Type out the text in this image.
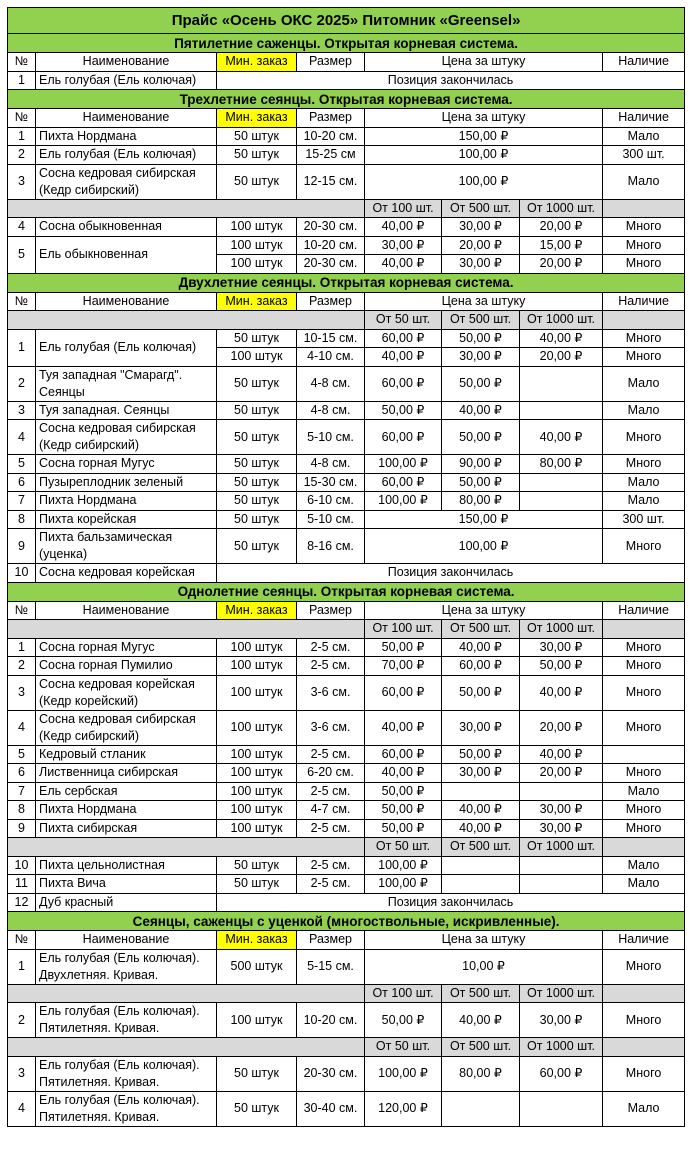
Прайс «Осень ОКС 2025» Питомник «Greensel»							
Пятилетние саженцы. Открытая корневая система.							
№	Наименование	Мин. заказ	Размер	Цена за штуку			Наличие
1	Ель голубая (Ель колючая)	Позиция закончилась					
Трехлетние сеянцы. Открытая корневая система.							
№	Наименование	Мин. заказ	Размер	Цена за штуку			Наличие
1	Пихта Нордмана	50 штук	10-20 см.	150,00 ₽			Мало
2	Ель голубая (Ель колючая)	50 штук	15-25 см	100,00 ₽			300 шт.
3	Сосна кедровая сибирская (Кедр сибирский)	50 штук	12-15 см.	100,00 ₽			Мало
				От 100 шт.	От 500 шт.	От 1000 шт.	
4	Сосна обыкновенная	100 штук	20-30 см.	40,00 ₽	30,00 ₽	20,00 ₽	Много
5	Ель обыкновенная	100 штук	10-20 см.	30,00 ₽	20,00 ₽	15,00 ₽	Много
		100 штук	20-30 см.	40,00 ₽	30,00 ₽	20,00 ₽	Много
Двухлетние сеянцы. Открытая корневая система.							
№	Наименование	Мин. заказ	Размер	Цена за штуку			Наличие
				От 50 шт.	От 500 шт.	От 1000 шт.	
1	Ель голубая (Ель колючая)	50 штук	10-15 см.	60,00 ₽	50,00 ₽	40,00 ₽	Много
		100 штук	4-10 см.	40,00 ₽	30,00 ₽	20,00 ₽	Много
2	Туя западная "Смарагд". Сеянцы	50 штук	4-8 см.	60,00 ₽	50,00 ₽		Мало
3	Туя западная. Сеянцы	50 штук	4-8 см.	50,00 ₽	40,00 ₽		Мало
4	Сосна кедровая сибирская (Кедр сибирский)	50 штук	5-10 см.	60,00 ₽	50,00 ₽	40,00 ₽	Много
5	Сосна горная Мугус	50 штук	4-8 см.	100,00 ₽	90,00 ₽	80,00 ₽	Много
6	Пузыреплодник зеленый	50 штук	15-30 см.	60,00 ₽	50,00 ₽		Мало
7	Пихта Нордмана	50 штук	6-10 см.	100,00 ₽	80,00 ₽		Мало
8	Пихта корейская	50 штук	5-10 см.	150,00 ₽			300 шт.
9	Пихта бальзамическая (уценка)	50 штук	8-16 см.	100,00 ₽			Много
10	Сосна кедровая корейская	Позиция закончилась					
Однолетние сеянцы. Открытая корневая система.							
№	Наименование	Мин. заказ	Размер	Цена за штуку			Наличие
				От 100 шт.	От 500 шт.	От 1000 шт.	
1	Сосна горная Мугус	100 штук	2-5 см.	50,00 ₽	40,00 ₽	30,00 ₽	Много
2	Сосна горная Пумилио	100 штук	2-5 см.	70,00 ₽	60,00 ₽	50,00 ₽	Много
3	Сосна кедровая корейская (Кедр корейский)	100 штук	3-6 см.	60,00 ₽	50,00 ₽	40,00 ₽	Много
4	Сосна кедровая сибирская (Кедр сибирский)	100 штук	3-6 см.	40,00 ₽	30,00 ₽	20,00 ₽	Много
5	Кедровый стланик	100 штук	2-5 см.	60,00 ₽	50,00 ₽	40,00 ₽	
6	Лиственница сибирская	100 штук	6-20 см.	40,00 ₽	30,00 ₽	20,00 ₽	Много
7	Ель сербская	100 штук	2-5 см.	50,00 ₽			Мало
8	Пихта Нордмана	100 штук	4-7 см.	50,00 ₽	40,00 ₽	30,00 ₽	Много
9	Пихта сибирская	100 штук	2-5 см.	50,00 ₽	40,00 ₽	30,00 ₽	Много
				От 50 шт.	От 500 шт.	От 1000 шт.	
10	Пихта цельнолистная	50 штук	2-5 см.	100,00 ₽			Мало
11	Пихта Вича	50 штук	2-5 см.	100,00 ₽			Мало
12	Дуб красный	Позиция закончилась					
Сеянцы, саженцы с уценкой (многоствольные, искривленные).							
№	Наименование	Мин. заказ	Размер	Цена за штуку			Наличие
1	Ель голубая (Ель колючая). Двухлетняя. Кривая.	500 штук	5-15 см.	10,00 ₽			Много
				От 100 шт.	От 500 шт.	От 1000 шт.	
2	Ель голубая (Ель колючая). Пятилетняя. Кривая.	100 штук	10-20 см.	50,00 ₽	40,00 ₽	30,00 ₽	Много
				От 50 шт.	От 500 шт.	От 1000 шт.	
3	Ель голубая (Ель колючая). Пятилетняя. Кривая.	50 штук	20-30 см.	100,00 ₽	80,00 ₽	60,00 ₽	Много
4	Ель голубая (Ель колючая). Пятилетняя. Кривая.	50 штук	30-40 см.	120,00 ₽			Мало
